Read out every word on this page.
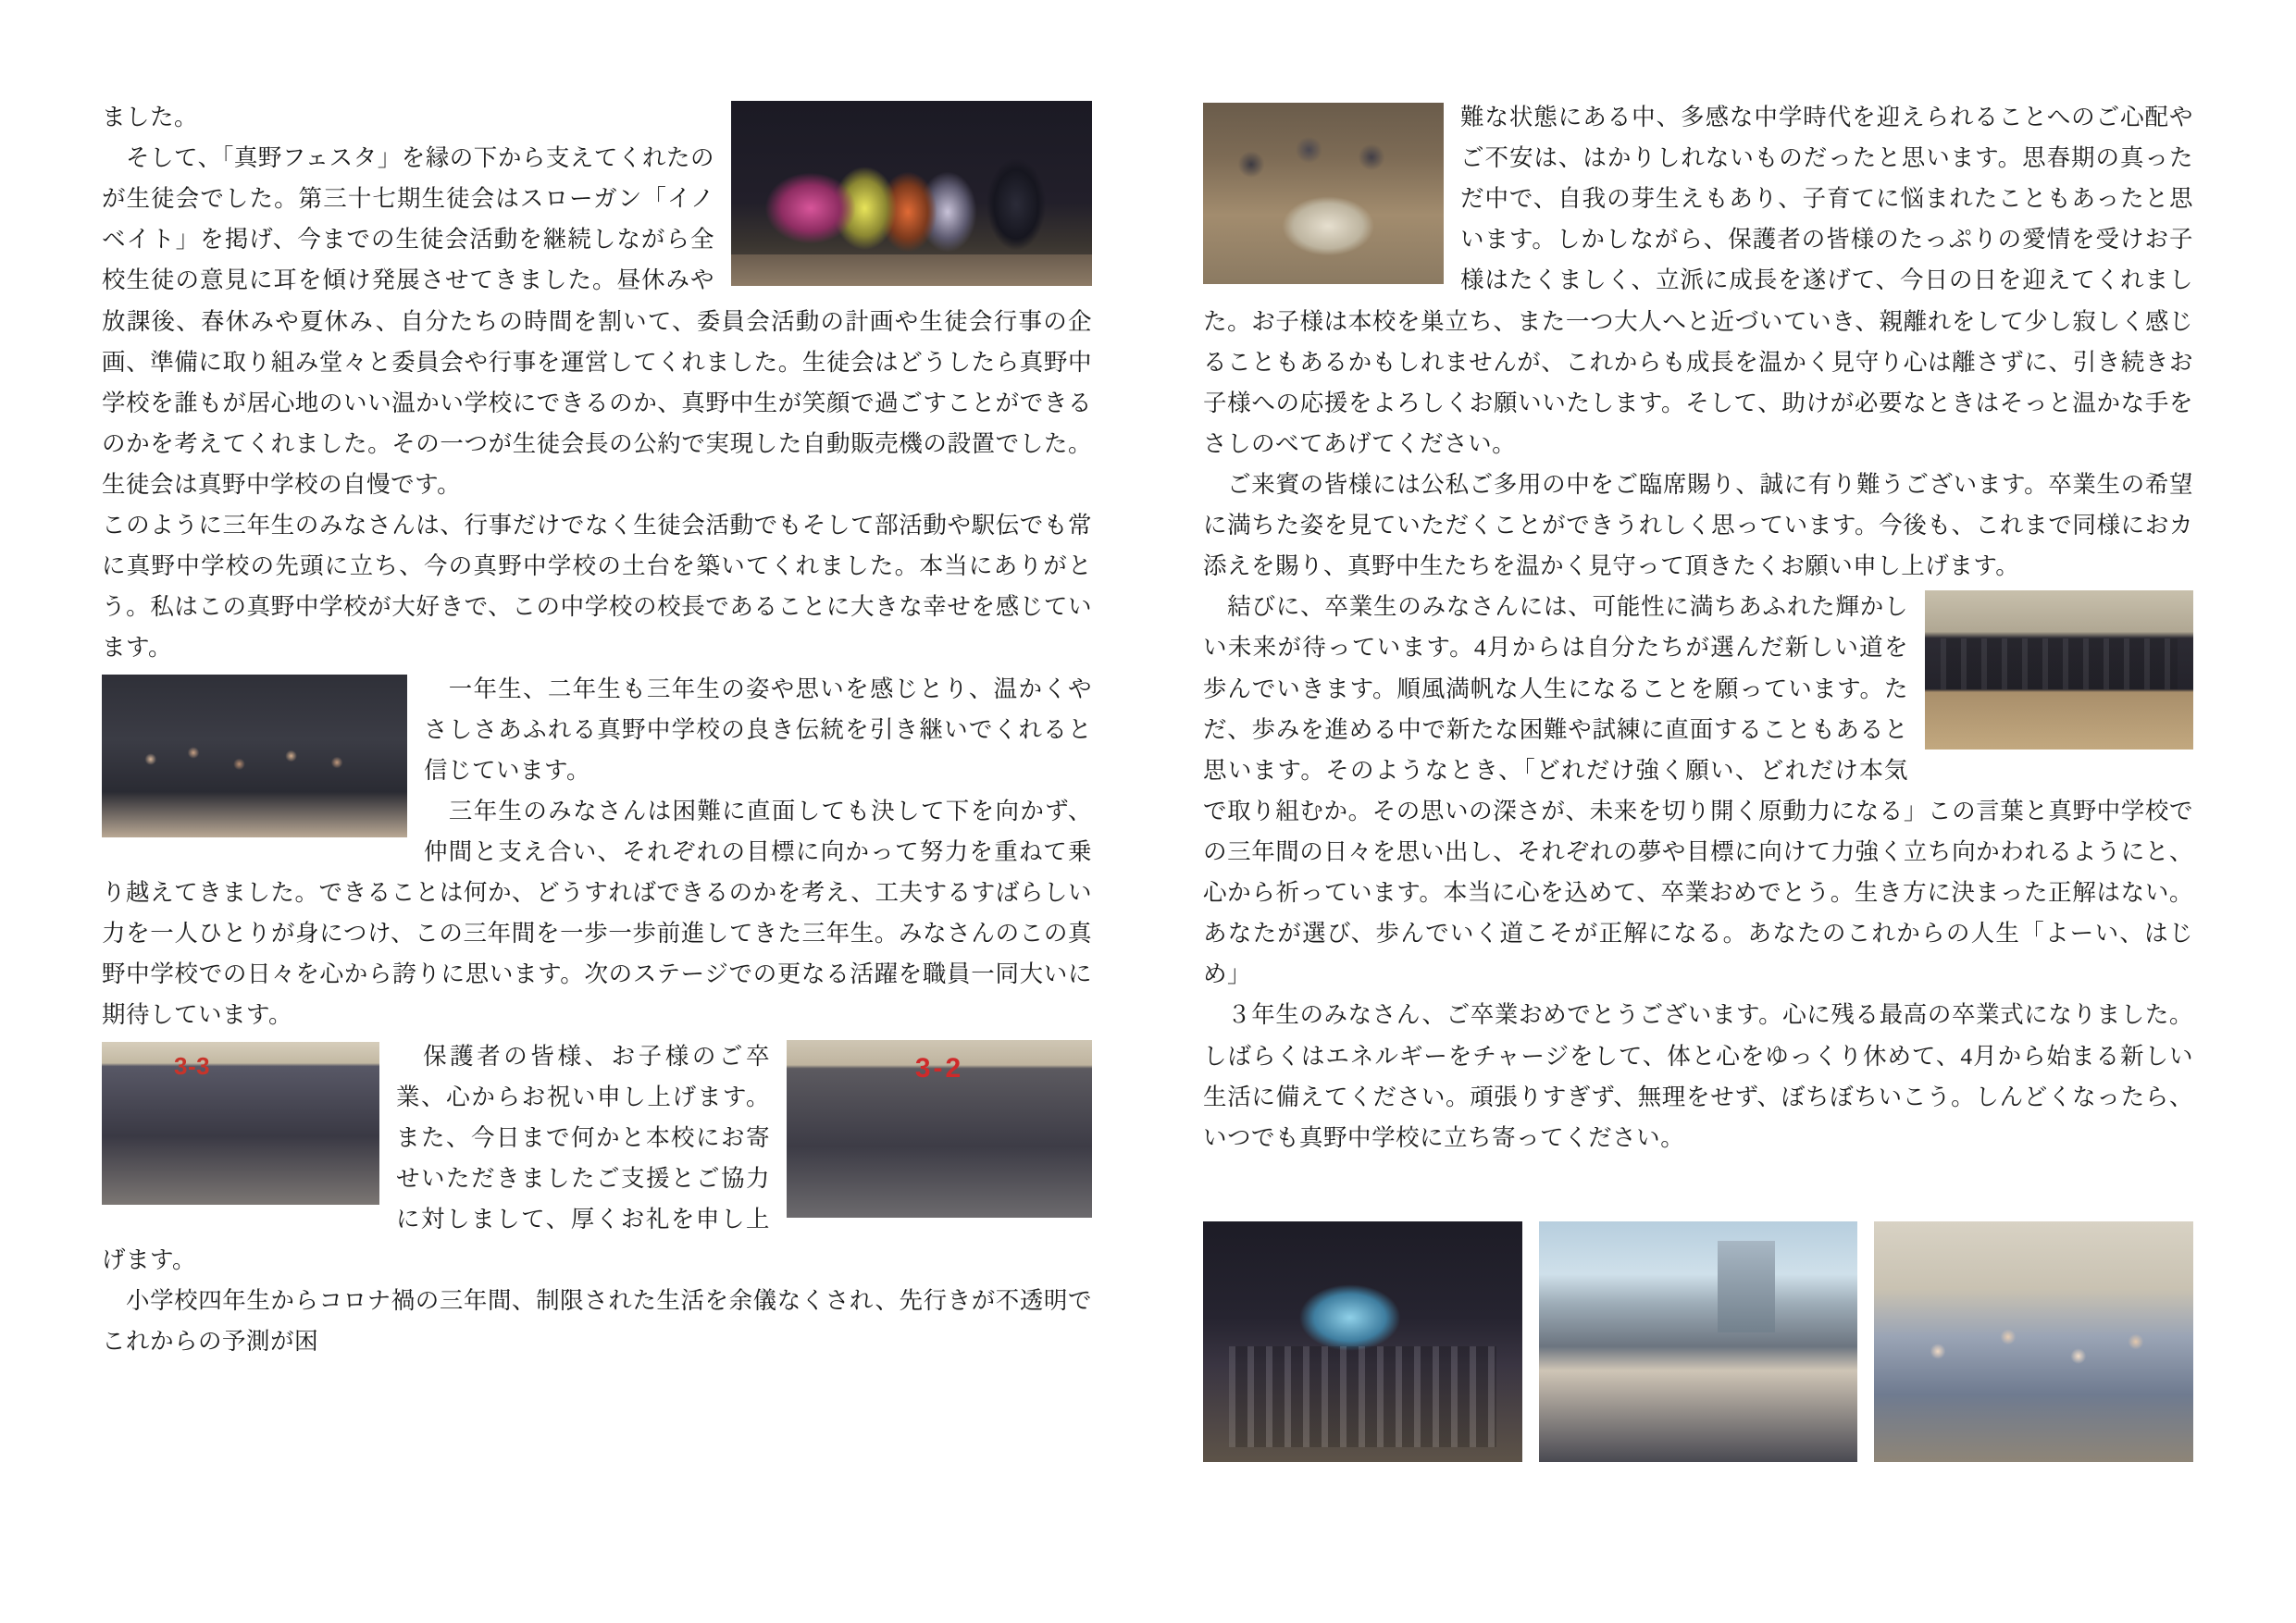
ました。

　そして、「真野フェスタ」を縁の下から支えてくれたのが生徒会でした。第三十七期生徒会はスローガン「イノベイト」を掲げ、今までの生徒会活動を継続しながら全校生徒の意見に耳を傾け発展させてきました。昼休みや放課後、春休みや夏休み、自分たちの時間を割いて、委員会活動の計画や生徒会行事の企画、準備に取り組み堂々と委員会や行事を運営してくれました。生徒会はどうしたら真野中学校を誰もが居心地のいい温かい学校にできるのか、真野中生が笑顔で過ごすことができるのかを考えてくれました。その一つが生徒会長の公約で実現した自動販売機の設置でした。生徒会は真野中学校の自慢です。

このように三年生のみなさんは、行事だけでなく生徒会活動でもそして部活動や駅伝でも常に真野中学校の先頭に立ち、今の真野中学校の土台を築いてくれました。本当にありがとう。私はこの真野中学校が大好きで、この中学校の校長であることに大きな幸せを感じています。

　一年生、二年生も三年生の姿や思いを感じとり、温かくやさしさあふれる真野中学校の良き伝統を引き継いでくれると信じています。

　三年生のみなさんは困難に直面しても決して下を向かず、仲間と支え合い、それぞれの目標に向かって努力を重ねて乗り越えてきました。できることは何か、どうすればできるのかを考え、工夫するすばらしい力を一人ひとりが身につけ、この三年間を一歩一歩前進してきた三年生。みなさんのこの真野中学校での日々を心から誇りに思います。次のステージでの更なる活躍を職員一同大いに期待しています。

3-2
3-3

　保護者の皆様、お子様のご卒業、心からお祝い申し上げます。また、今日まで何かと本校にお寄せいただきましたご支援とご協力に対しまして、厚くお礼を申し上げます。

　小学校四年生からコロナ禍の三年間、制限された生活を余儀なくされ、先行きが不透明でこれからの予測が困

難な状態にある中、多感な中学時代を迎えられることへのご心配やご不安は、はかりしれないものだったと思います。思春期の真っただ中で、自我の芽生えもあり、子育てに悩まれたこともあったと思います。しかしながら、保護者の皆様のたっぷりの愛情を受けお子様はたくましく、立派に成長を遂げて、今日の日を迎えてくれました。お子様は本校を巣立ち、また一つ大人へと近づいていき、親離れをして少し寂しく感じることもあるかもしれませんが、これからも成長を温かく見守り心は離さずに、引き続きお子様への応援をよろしくお願いいたします。そして、助けが必要なときはそっと温かな手をさしのべてあげてください。

　ご来賓の皆様には公私ご多用の中をご臨席賜り、誠に有り難うございます。卒業生の希望に満ちた姿を見ていただくことができうれしく思っています。今後も、これまで同様におカ添えを賜り、真野中生たちを温かく見守って頂きたくお願い申し上げます。

　結びに、卒業生のみなさんには、可能性に満ちあふれた輝かしい未来が待っています。4月からは自分たちが選んだ新しい道を歩んでいきます。順風満帆な人生になることを願っています。ただ、歩みを進める中で新たな困難や試練に直面することもあると思います。そのようなとき、「どれだけ強く願い、どれだけ本気で取り組むか。その思いの深さが、未来を切り開く原動力になる」この言葉と真野中学校での三年間の日々を思い出し、それぞれの夢や目標に向けて力強く立ち向かわれるようにと、心から祈っています。本当に心を込めて、卒業おめでとう。生き方に決まった正解はない。あなたが選び、歩んでいく道こそが正解になる。あなたのこれからの人生「よーい、はじめ」

　３年生のみなさん、ご卒業おめでとうございます。心に残る最高の卒業式になりました。しばらくはエネルギーをチャージをして、体と心をゆっくり休めて、4月から始まる新しい生活に備えてください。頑張りすぎず、無理をせず、ぼちぼちいこう。しんどくなったら、いつでも真野中学校に立ち寄ってください。
